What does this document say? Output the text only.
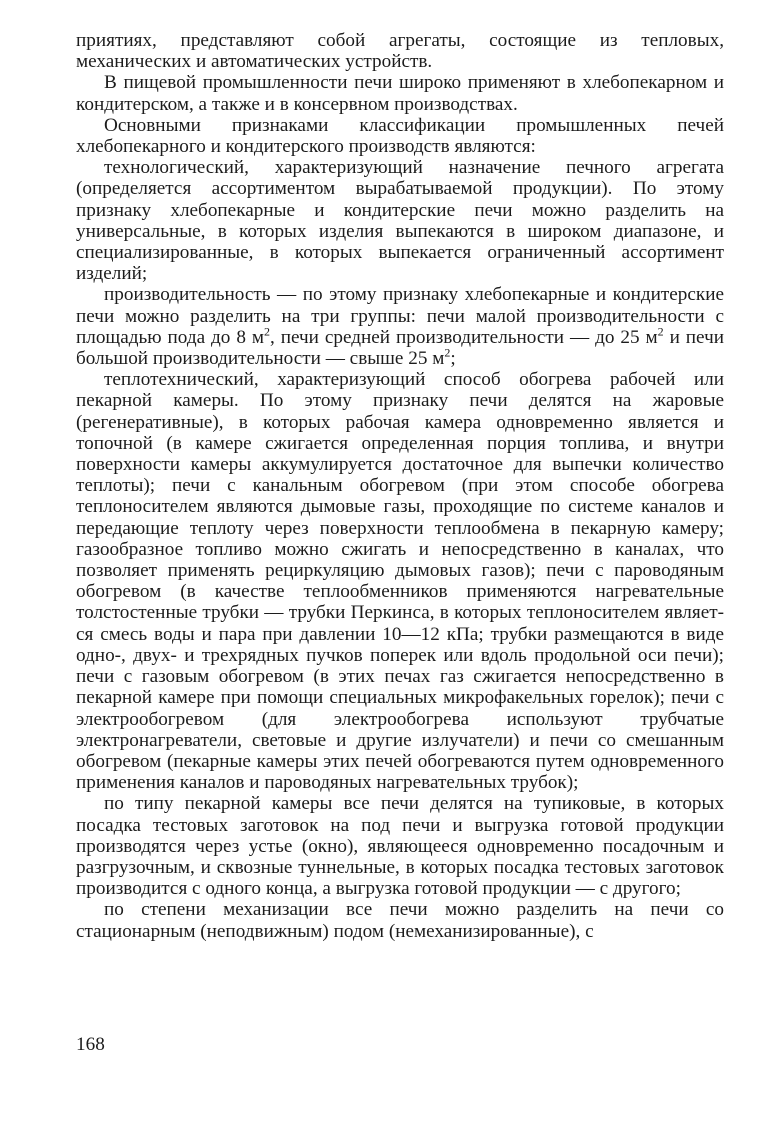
приятиях, представляют собой агрегаты, состоящие из тепловых, механических и автоматических устройств.

В пищевой промышленности печи широко применяют в хлебопекарном и кондитерском, а также и в консервном производствах.

Основными признаками классификации промышленных печей хлебопекарного и кондитерского производств являются:

технологический, характеризующий назначение печного агрегата (определяется ассортиментом вырабатываемой продукции). По этому признаку хлебопекарные и кондитерские печи можно разделить на универсальные, в которых изделия выпекаются в широком диапазоне, и специализированные, в которых выпекается ограниченный ассортимент изделий;

производительность — по этому признаку хлебопекарные и кондитерские печи можно разделить на три группы: печи малой производительности с площадью пода до 8 $м^2$, печи средней производительности — до 25 $м^2$ и печи большой производительности — свыше 25 $м^2$;

теплотехнический, характеризующий способ обогрева рабочей или пекарной камеры. По этому признаку печи делятся на жаровые (регенеративные), в которых рабочая камера одновременно является и топочной (в камере сжигается определенная порция топлива, и внутри поверхности камеры аккумулируется достаточное для выпечки количество теплоты); печи с канальным обогревом (при этом способе обогрева теплоносителем являются дымовые газы, проходящие по системе каналов и передающие теплоту через поверхности теплообмена в пекарную камеру; газообразное топливо можно сжигать и непосредственно в каналах, что позволяет применять рециркуляцию дымовых газов); печи с пароводяным обогревом (в качестве теплообменников применяются нагревательные толстостенные трубки — трубки Перкинса, в которых теплоносителем является смесь воды и пара при давлении 10—12 кПа; трубки размещаются в виде одно-, двух- и трехрядных пучков поперек или вдоль продольной оси печи); печи с газовым обогревом (в этих печах газ сжигается непосредственно в пекарной камере при помощи специальных микрофакельных горелок); печи с электрообогревом (для электрообогрева используют трубчатые электронагреватели, световые и другие излучатели) и печи со смешанным обогревом (пекарные камеры этих печей обогреваются путем одновременного применения каналов и пароводяных нагревательных трубок);

по типу пекарной камеры все печи делятся на тупиковые, в которых посадка тестовых заготовок на под печи и выгрузка готовой продукции производятся через устье (окно), являющееся одновременно посадочным и разгрузочным, и сквозные туннельные, в которых посадка тестовых заготовок производится с одного конца, а выгрузка готовой продукции — с другого;

по степени механизации все печи можно разделить на печи со стационарным (неподвижным) подом (немеханизированные), с

168
